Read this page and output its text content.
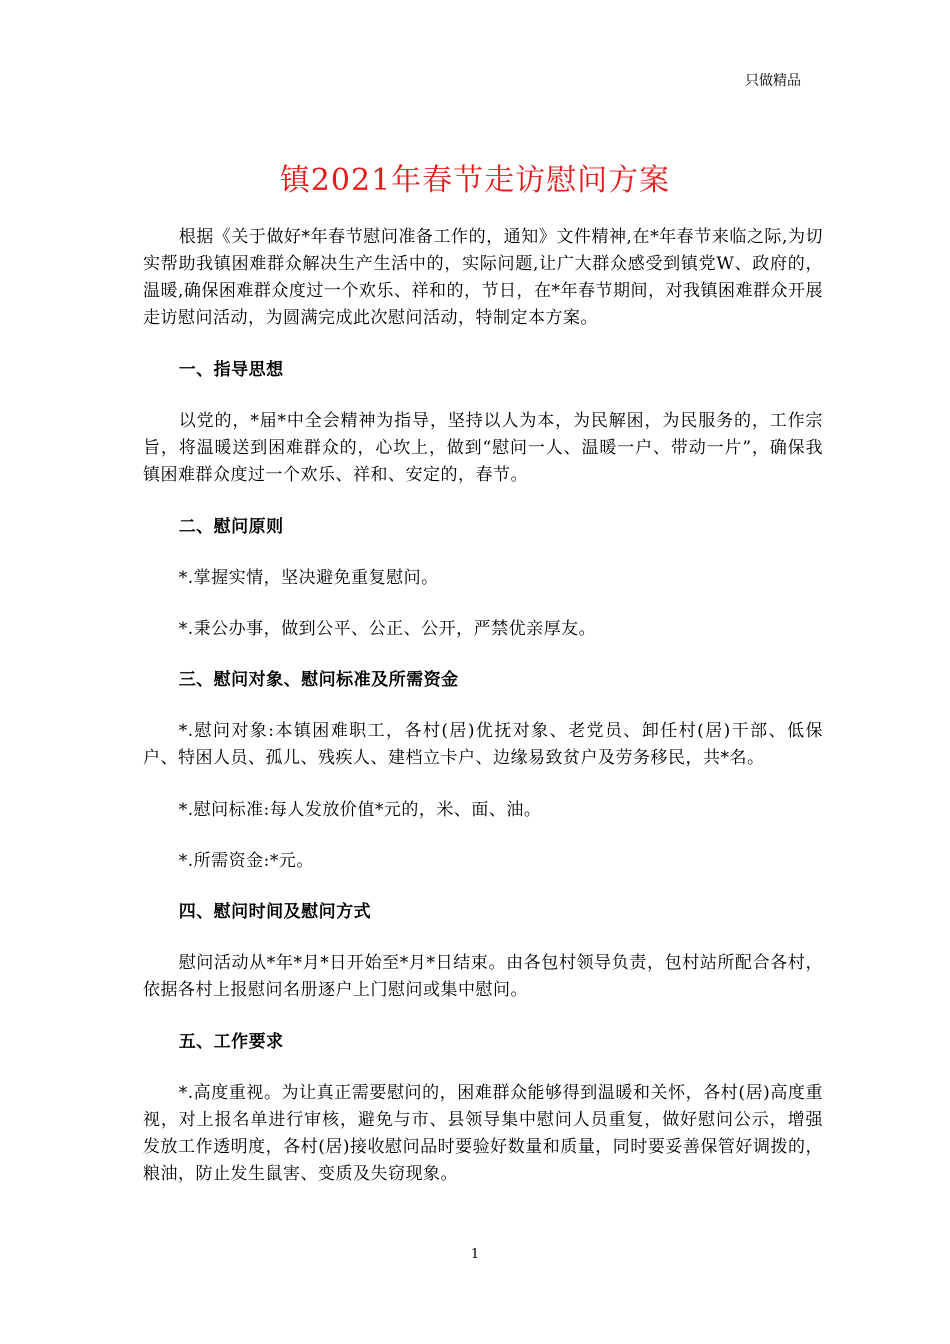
只做精品
镇2021年春节走访慰问方案

根据《关于做好*年春节慰问准备工作的，通知》文件精神,在*年春节来临之际,为切实帮助我镇困难群众解决生产生活中的，实际问题,让广大群众感受到镇党W、政府的，温暖,确保困难群众度过一个欢乐、祥和的，节日，在*年春节期间，对我镇困难群众开展走访慰问活动，为圆满完成此次慰问活动，特制定本方案。

一、指导思想

以党的，*届*中全会精神为指导，坚持以人为本，为民解困，为民服务的，工作宗旨，将温暖送到困难群众的，心坎上，做到“慰问一人、温暖一户、带动一片”，确保我镇困难群众度过一个欢乐、祥和、安定的，春节。

二、慰问原则

*.掌握实情，坚决避免重复慰问。

*.秉公办事，做到公平、公正、公开，严禁优亲厚友。

三、慰问对象、慰问标准及所需资金

*.慰问对象:本镇困难职工，各村(居)优抚对象、老党员、卸任村(居)干部、低保户、特困人员、孤儿、残疾人、建档立卡户、边缘易致贫户及劳务移民，共*名。

*.慰问标准:每人发放价值*元的，米、面、油。

*.所需资金:*元。

四、慰问时间及慰问方式

慰问活动从*年*月*日开始至*月*日结束。由各包村领导负责，包村站所配合各村，依据各村上报慰问名册逐户上门慰问或集中慰问。

五、工作要求

*.高度重视。为让真正需要慰问的，困难群众能够得到温暖和关怀，各村(居)高度重视，对上报名单进行审核，避免与市、县领导集中慰问人员重复，做好慰问公示，增强发放工作透明度，各村(居)接收慰问品时要验好数量和质量，同时要妥善保管好调拨的，粮油，防止发生鼠害、变质及失窃现象。

1
